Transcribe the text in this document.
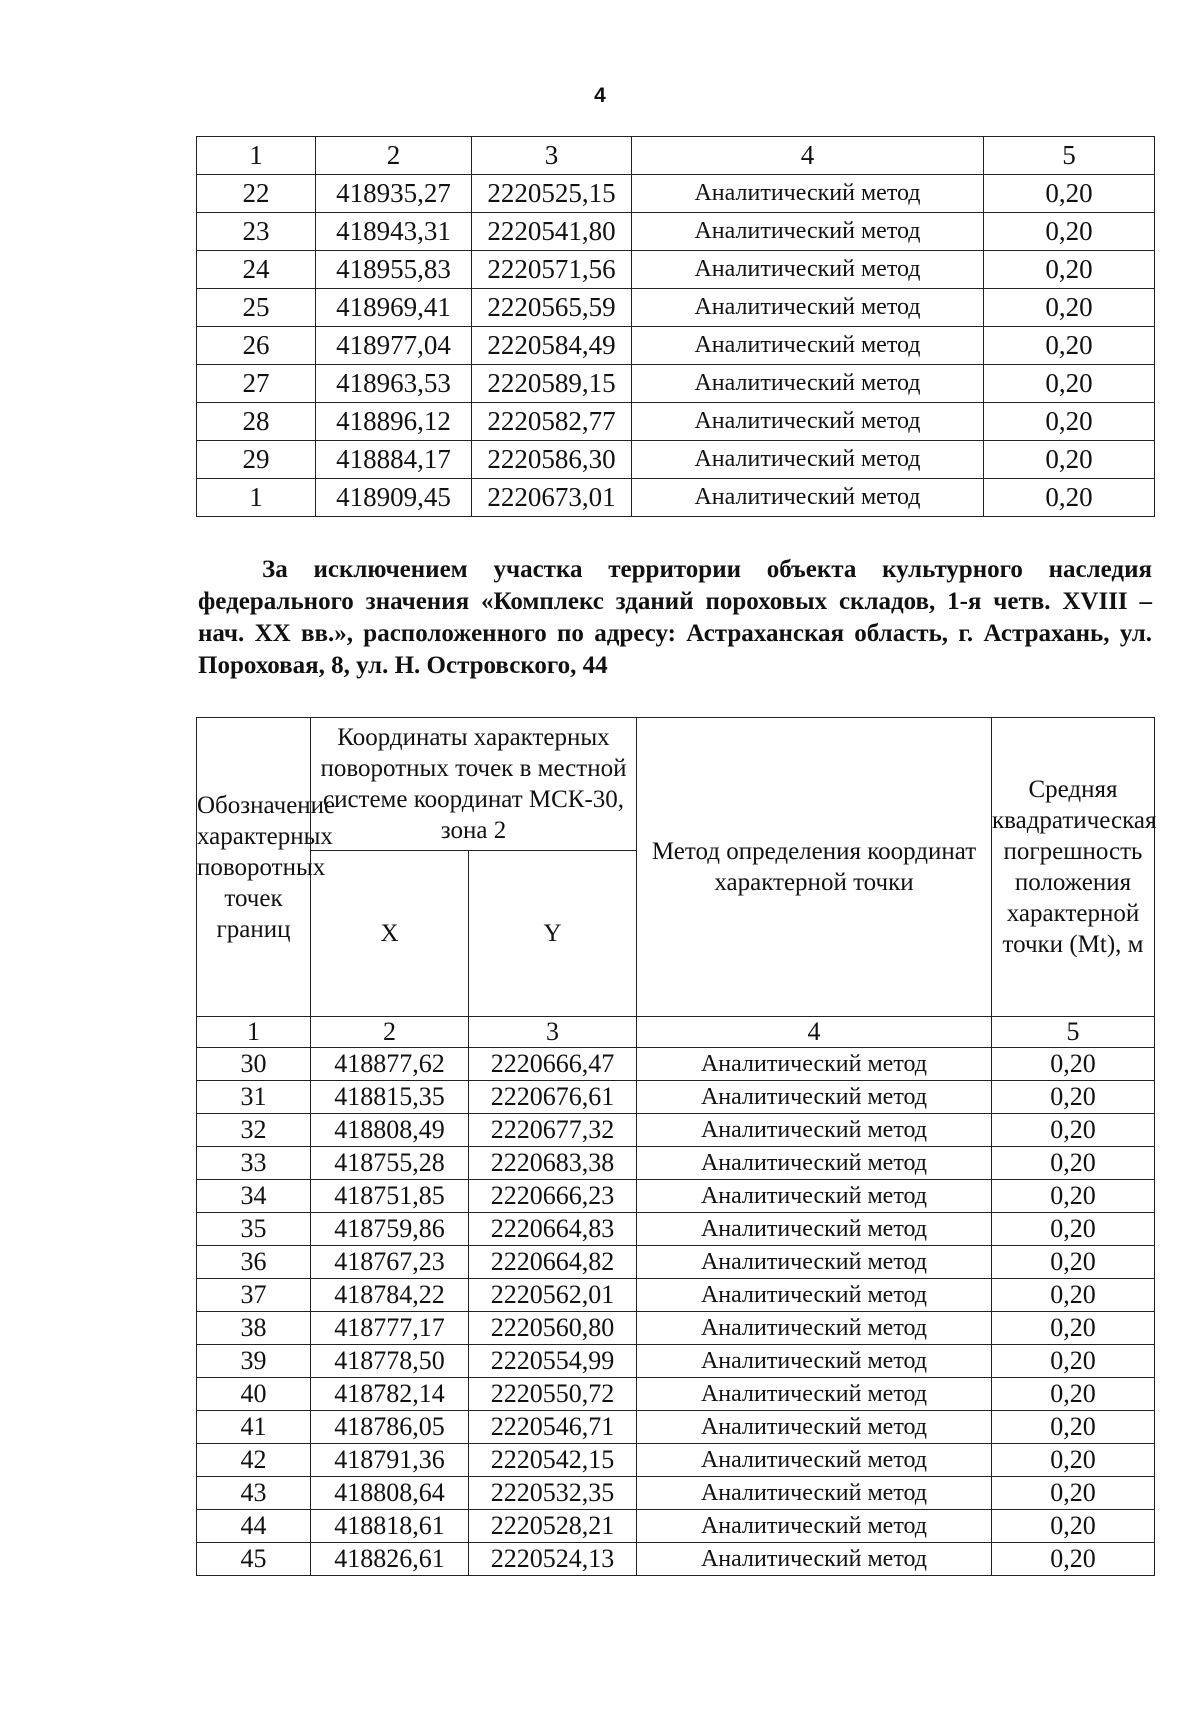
4
1	2	3	4	5
22	418935,27	2220525,15	Аналитический метод	0,20
23	418943,31	2220541,80	Аналитический метод	0,20
24	418955,83	2220571,56	Аналитический метод	0,20
25	418969,41	2220565,59	Аналитический метод	0,20
26	418977,04	2220584,49	Аналитический метод	0,20
27	418963,53	2220589,15	Аналитический метод	0,20
28	418896,12	2220582,77	Аналитический метод	0,20
29	418884,17	2220586,30	Аналитический метод	0,20
1	418909,45	2220673,01	Аналитический метод	0,20
За исключением участка территории объекта культурного наследия федерального значения «Комплекс зданий пороховых складов, 1-я четв. XVIII – нач. XX вв.», расположенного по адресу: Астраханская область, г. Астрахань, ул. Пороховая, 8, ул. Н. Островского, 44
Обозначение характерных поворотных точек границ	Координаты характерных поворотных точек в местной системе координат МСК-30, зона 2		Метод определения координат характерной точки	Средняя квадратическая погрешность положения характерной точки (Mt), м
	X	Y		
1	2	3	4	5
30	418877,62	2220666,47	Аналитический метод	0,20
31	418815,35	2220676,61	Аналитический метод	0,20
32	418808,49	2220677,32	Аналитический метод	0,20
33	418755,28	2220683,38	Аналитический метод	0,20
34	418751,85	2220666,23	Аналитический метод	0,20
35	418759,86	2220664,83	Аналитический метод	0,20
36	418767,23	2220664,82	Аналитический метод	0,20
37	418784,22	2220562,01	Аналитический метод	0,20
38	418777,17	2220560,80	Аналитический метод	0,20
39	418778,50	2220554,99	Аналитический метод	0,20
40	418782,14	2220550,72	Аналитический метод	0,20
41	418786,05	2220546,71	Аналитический метод	0,20
42	418791,36	2220542,15	Аналитический метод	0,20
43	418808,64	2220532,35	Аналитический метод	0,20
44	418818,61	2220528,21	Аналитический метод	0,20
45	418826,61	2220524,13	Аналитический метод	0,20
